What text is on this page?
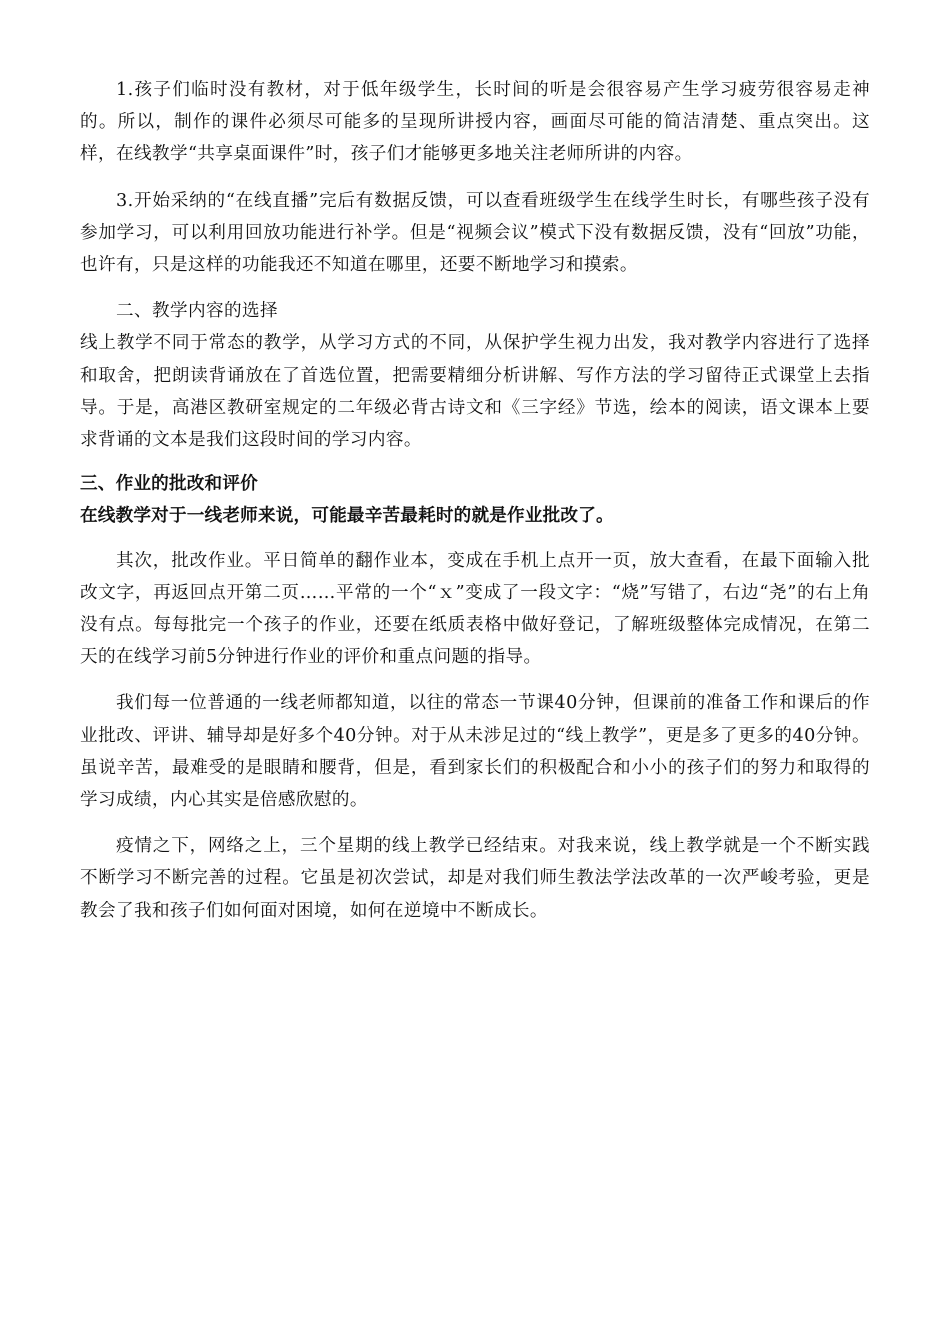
1.孩子们临时没有教材，对于低年级学生，长时间的听是会很容易产生学习疲劳很容易走神的。所以，制作的课件必须尽可能多的呈现所讲授内容，画面尽可能的简洁清楚、重点突出。这样，在线教学“共享桌面课件”时，孩子们才能够更多地关注老师所讲的内容。

3.开始采纳的“在线直播”完后有数据反馈，可以查看班级学生在线学生时长，有哪些孩子没有参加学习，可以利用回放功能进行补学。但是“视频会议”模式下没有数据反馈，没有“回放”功能，也许有，只是这样的功能我还不知道在哪里，还要不断地学习和摸索。

二、教学内容的选择

线上教学不同于常态的教学，从学习方式的不同，从保护学生视力出发，我对教学内容进行了选择和取舍，把朗读背诵放在了首选位置，把需要精细分析讲解、写作方法的学习留待正式课堂上去指导。于是，高港区教研室规定的二年级必背古诗文和《三字经》节选，绘本的阅读，语文课本上要求背诵的文本是我们这段时间的学习内容。

三、作业的批改和评价

在线教学对于一线老师来说，可能最辛苦最耗时的就是作业批改了。

其次，批改作业。平日简单的翻作业本，变成在手机上点开一页，放大查看，在最下面输入批改文字，再返回点开第二页……平常的一个“ｘ”变成了一段文字：“烧”写错了，右边“尧”的右上角没有点。每每批完一个孩子的作业，还要在纸质表格中做好登记，了解班级整体完成情况，在第二天的在线学习前5分钟进行作业的评价和重点问题的指导。

我们每一位普通的一线老师都知道，以往的常态一节课40分钟，但课前的准备工作和课后的作业批改、评讲、辅导却是好多个40分钟。对于从未涉足过的“线上教学”，更是多了更多的40分钟。虽说辛苦，最难受的是眼睛和腰背，但是，看到家长们的积极配合和小小的孩子们的努力和取得的学习成绩，内心其实是倍感欣慰的。

疫情之下，网络之上，三个星期的线上教学已经结束。对我来说，线上教学就是一个不断实践不断学习不断完善的过程。它虽是初次尝试，却是对我们师生教法学法改革的一次严峻考验，更是教会了我和孩子们如何面对困境，如何在逆境中不断成长。
